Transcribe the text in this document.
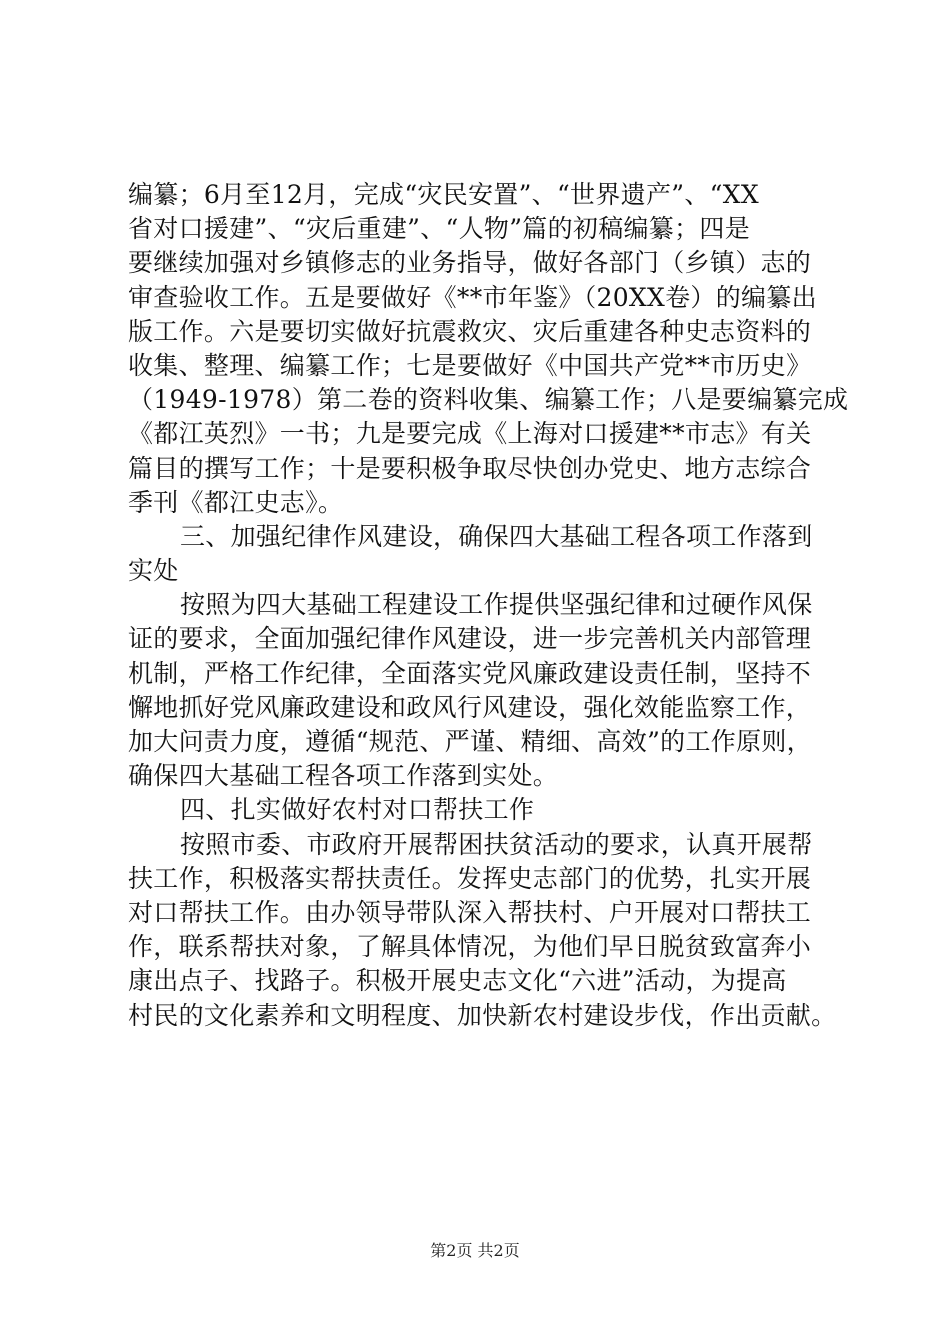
编纂；6月至12月，完成“灾民安置”、“世界遗产”、“XX
省对口援建”、“灾后重建”、“人物”篇的初稿编纂；四是
要继续加强对乡镇修志的业务指导，做好各部门（乡镇）志的
审查验收工作。五是要做好《**市年鉴》（20XX卷）的编纂出
版工作。六是要切实做好抗震救灾、灾后重建各种史志资料的
收集、整理、编纂工作；七是要做好《中国共产党**市历史》
（1949-1978）第二卷的资料收集、编纂工作；八是要编纂完成
《都江英烈》一书；九是要完成《上海对口援建**市志》有关
篇目的撰写工作；十是要积极争取尽快创办党史、地方志综合
季刊《都江史志》。
三、加强纪律作风建设，确保四大基础工程各项工作落到
实处
按照为四大基础工程建设工作提供坚强纪律和过硬作风保
证的要求，全面加强纪律作风建设，进一步完善机关内部管理
机制，严格工作纪律，全面落实党风廉政建设责任制，坚持不
懈地抓好党风廉政建设和政风行风建设，强化效能监察工作，
加大问责力度，遵循“规范、严谨、精细、高效”的工作原则，
确保四大基础工程各项工作落到实处。
四、扎实做好农村对口帮扶工作
按照市委、市政府开展帮困扶贫活动的要求，认真开展帮
扶工作，积极落实帮扶责任。发挥史志部门的优势，扎实开展
对口帮扶工作。由办领导带队深入帮扶村、户开展对口帮扶工
作，联系帮扶对象，了解具体情况，为他们早日脱贫致富奔小
康出点子、找路子。积极开展史志文化“六进”活动，为提高
村民的文化素养和文明程度、加快新农村建设步伐，作出贡献。
第2页 共2页
